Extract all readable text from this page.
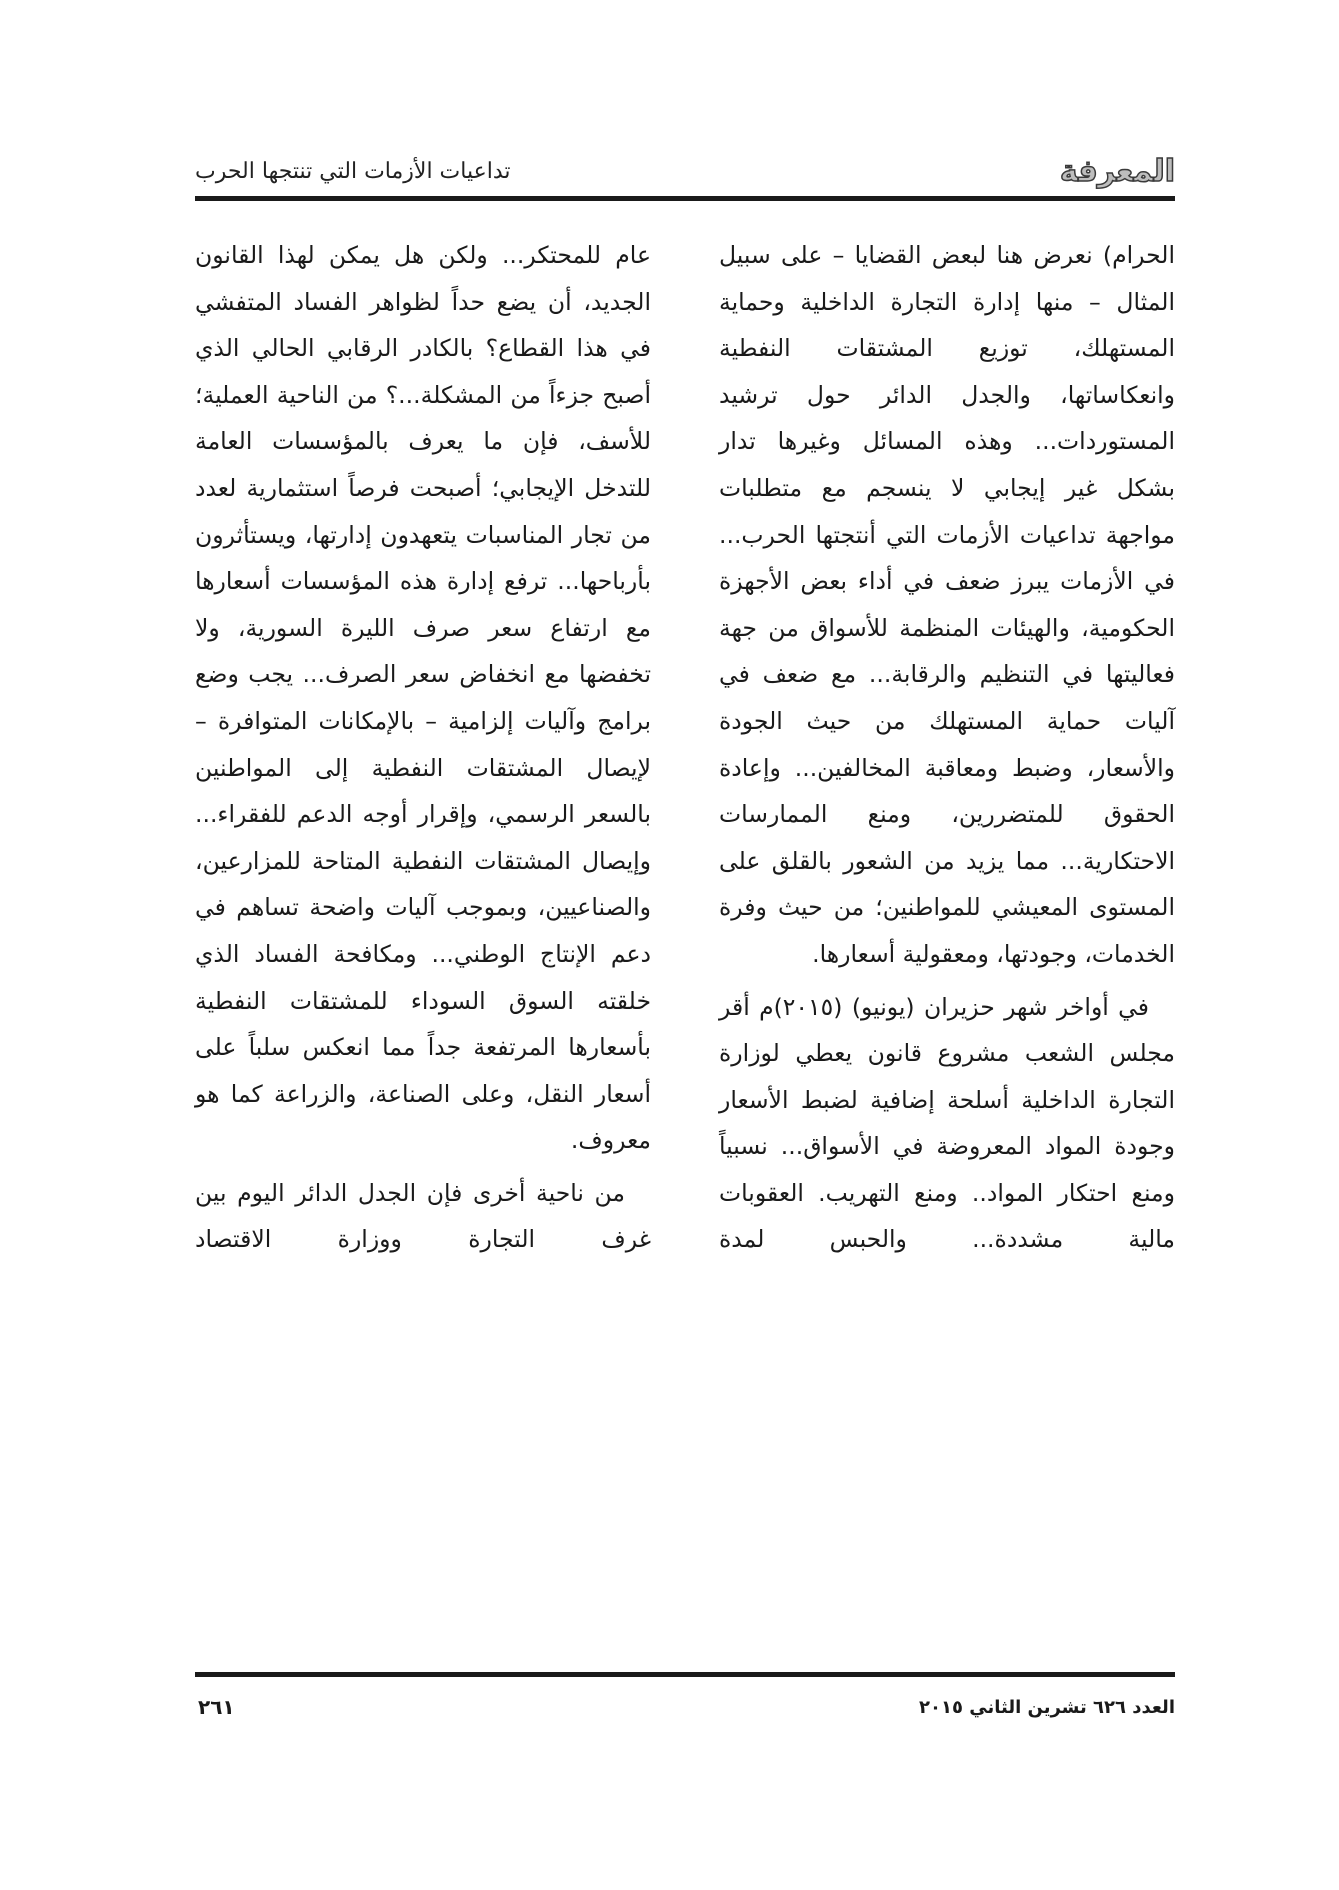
المعرفة
تداعيات الأزمات التي تنتجها الحرب

الحرام) نعرض هنا لبعض القضايا – على سبيل المثال – منها إدارة التجارة الداخلية وحماية المستهلك، توزيع المشتقات النفطية وانعكاساتها، والجدل الدائر حول ترشيد المستوردات... وهذه المسائل وغيرها تدار بشكل غير إيجابي لا ينسجم مع متطلبات مواجهة تداعيات الأزمات التي أنتجتها الحرب... في الأزمات يبرز ضعف في أداء بعض الأجهزة الحكومية، والهيئات المنظمة للأسواق من جهة فعاليتها في التنظيم والرقابة... مع ضعف في آليات حماية المستهلك من حيث الجودة والأسعار، وضبط ومعاقبة المخالفين... وإعادة الحقوق للمتضررين، ومنع الممارسات الاحتكارية... مما يزيد من الشعور بالقلق على المستوى المعيشي للمواطنين؛ من حيث وفرة الخدمات، وجودتها، ومعقولية أسعارها.

في أواخر شهر حزيران (يونيو) (٢٠١٥)م أقر مجلس الشعب مشروع قانون يعطي لوزارة التجارة الداخلية أسلحة إضافية لضبط الأسعار وجودة المواد المعروضة في الأسواق... نسبياً ومنع احتكار المواد.. ومنع التهريب. العقوبات مالية مشددة... والحبس لمدة

عام للمحتكر... ولكن هل يمكن لهذا القانون الجديد، أن يضع حداً لظواهر الفساد المتفشي في هذا القطاع؟ بالكادر الرقابي الحالي الذي أصبح جزءاً من المشكلة...؟ من الناحية العملية؛ للأسف، فإن ما يعرف بالمؤسسات العامة للتدخل الإيجابي؛ أصبحت فرصاً استثمارية لعدد من تجار المناسبات يتعهدون إدارتها، ويستأثرون بأرباحها... ترفع إدارة هذه المؤسسات أسعارها مع ارتفاع سعر صرف الليرة السورية، ولا تخفضها مع انخفاض سعر الصرف... يجب وضع برامج وآليات إلزامية – بالإمكانات المتوافرة – لإيصال المشتقات النفطية إلى المواطنين بالسعر الرسمي، وإقرار أوجه الدعم للفقراء... وإيصال المشتقات النفطية المتاحة للمزارعين، والصناعيين، وبموجب آليات واضحة تساهم في دعم الإنتاج الوطني... ومكافحة الفساد الذي خلقته السوق السوداء للمشتقات النفطية بأسعارها المرتفعة جداً مما انعكس سلباً على أسعار النقل، وعلى الصناعة، والزراعة كما هو معروف.

من ناحية أخرى فإن الجدل الدائر اليوم بين غرف التجارة ووزارة الاقتصاد

العدد ٦٢٦ تشرين الثاني ٢٠١٥
٢٦١
